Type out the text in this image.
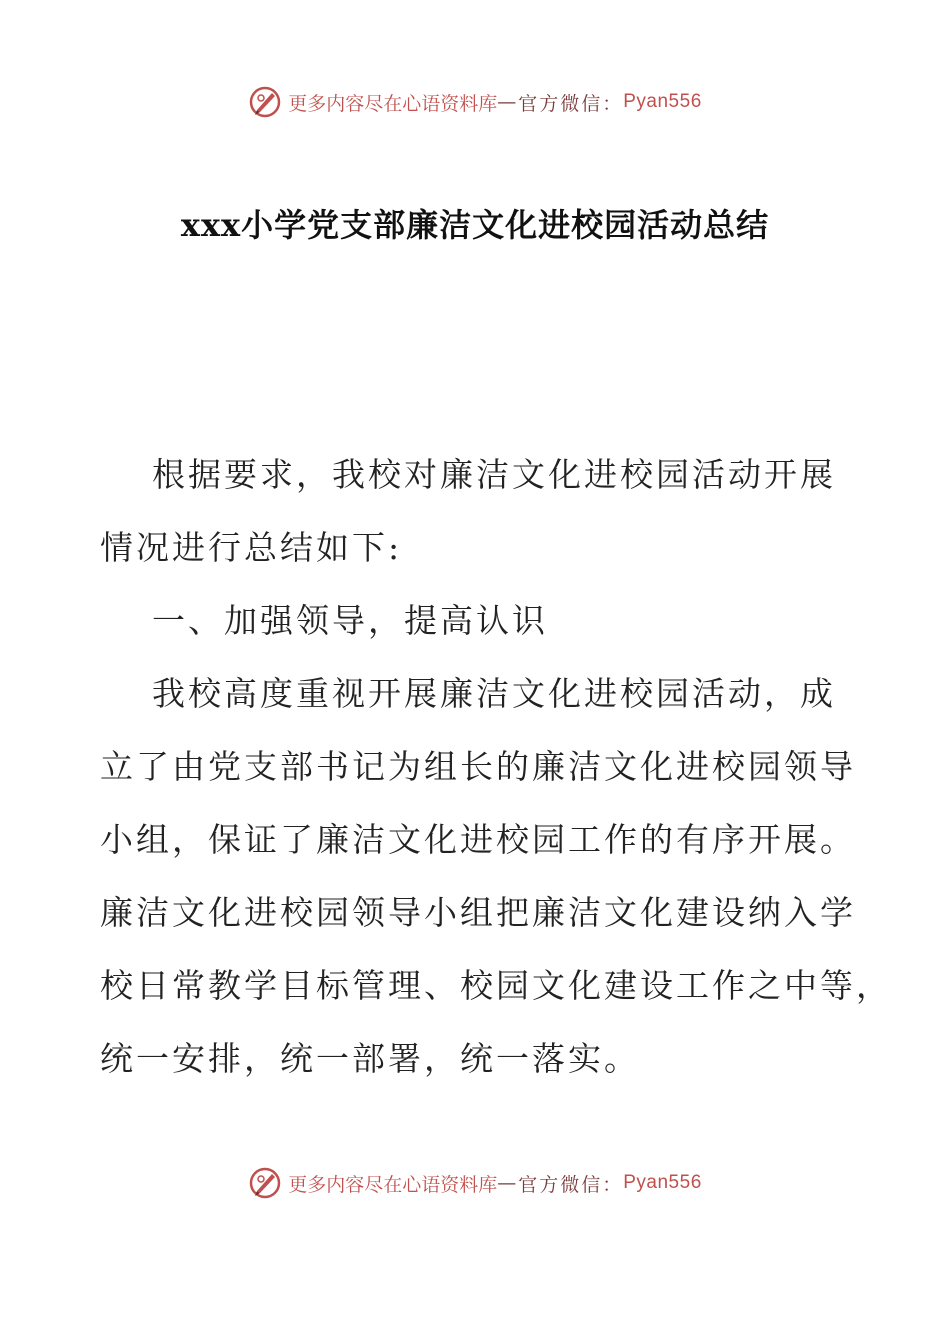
更多内容尽在心语资料库 — 官方微信： Pyan556
xxx小学党支部廉洁文化进校园活动总结
根据要求，我校对廉洁文化进校园活动开展
情况进行总结如下:
一、加强领导，提高认识
我校高度重视开展廉洁文化进校园活动，成
立了由党支部书记为组长的廉洁文化进校园领导
小组，保证了廉洁文化进校园工作的有序开展。
廉洁文化进校园领导小组把廉洁文化建设纳入学
校日常教学目标管理、校园文化建设工作之中等，
统一安排，统一部署，统一落实。
更多内容尽在心语资料库 — 官方微信： Pyan556
